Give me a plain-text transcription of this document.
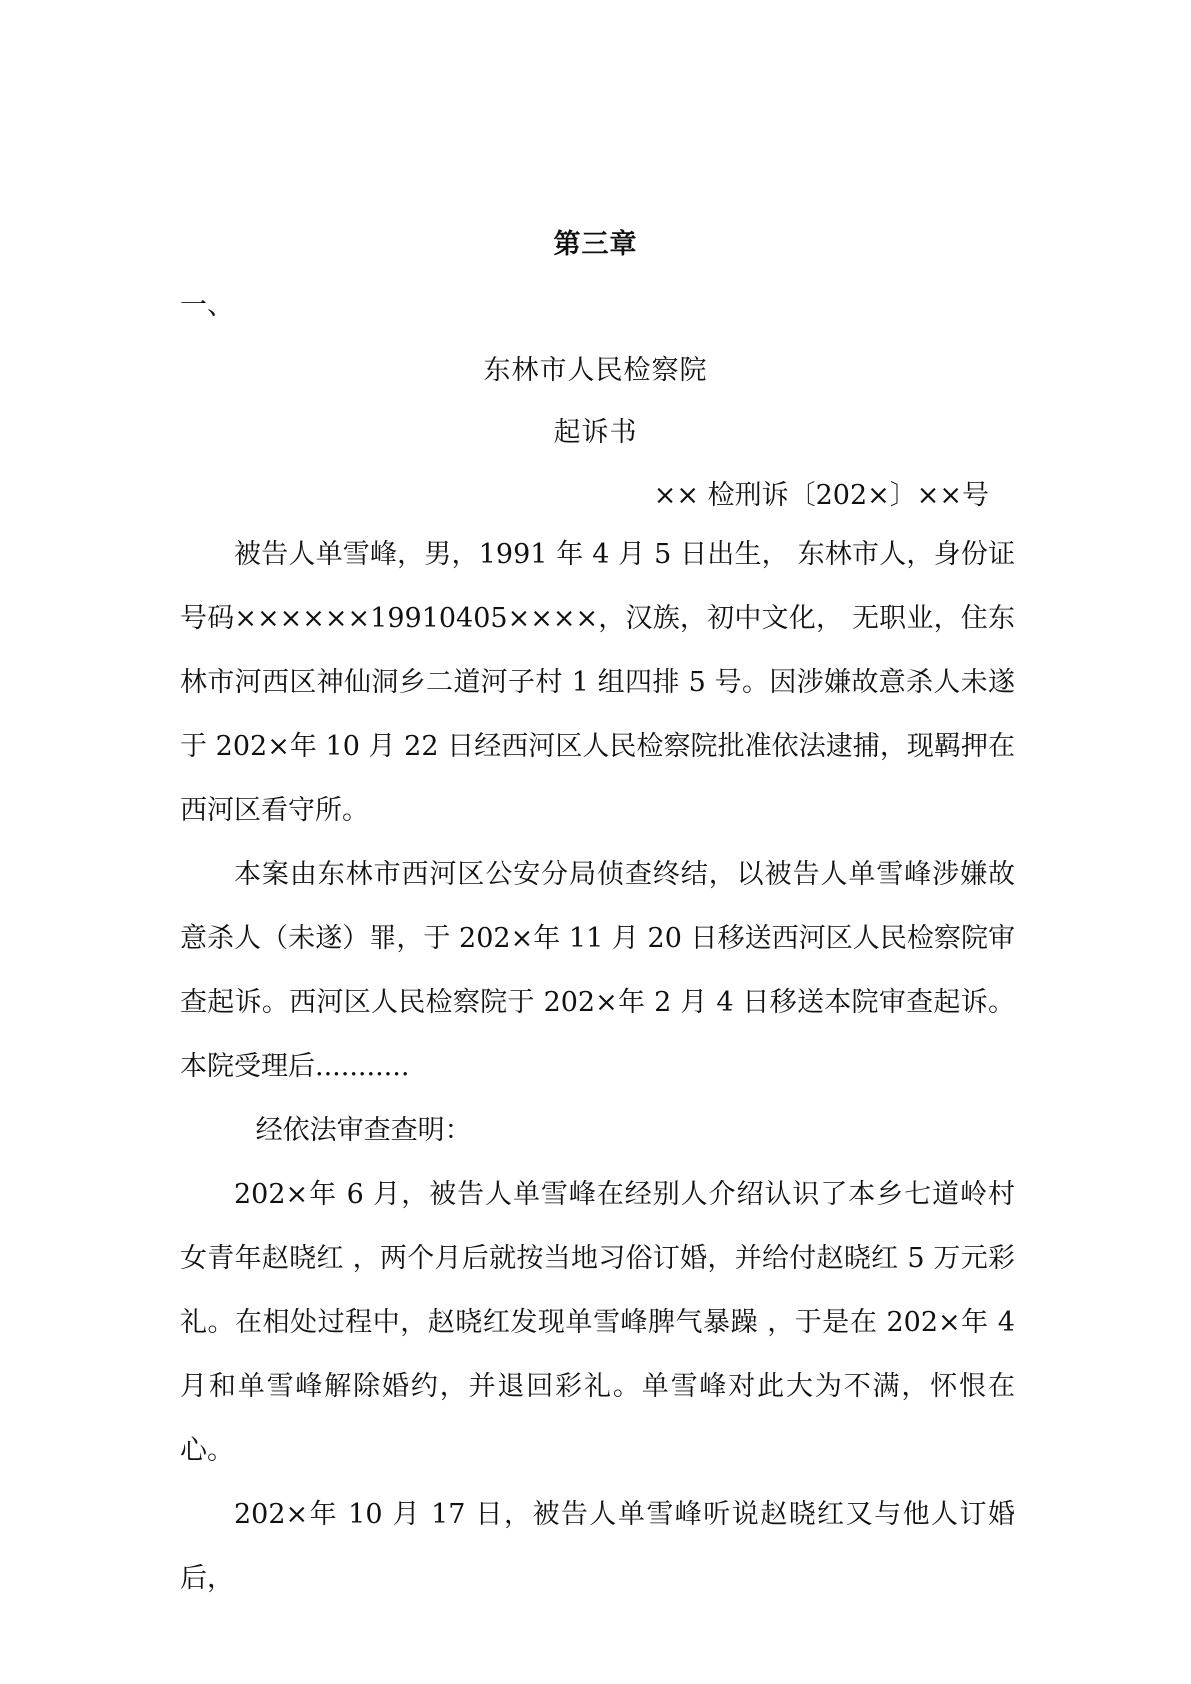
第三章
一、
东林市人民检察院
起诉书
×× 检刑诉〔202×〕××号

被告人单雪峰，男，1991 年 4 月 5 日出生， 东林市人，身份证号码××××××19910405××××，汉族，初中文化， 无职业，住东林市河西区神仙洞乡二道河子村 1 组四排 5 号。因涉嫌故意杀人未遂于 202×年 10 月 22 日经西河区人民检察院批准依法逮捕，现羁押在西河区看守所。

本案由东林市西河区公安分局侦查终结，以被告人单雪峰涉嫌故意杀人（未遂）罪，于 202×年 11 月 20 日移送西河区人民检察院审查起诉。西河区人民检察院于 202×年 2 月 4 日移送本院审查起诉。本院受理后...........

经依法审查查明：

202×年 6 月，被告人单雪峰在经别人介绍认识了本乡七道岭村女青年赵晓红 ，两个月后就按当地习俗订婚，并给付赵晓红 5 万元彩礼。在相处过程中，赵晓红发现单雪峰脾气暴躁 ，于是在 202×年 4 月和单雪峰解除婚约，并退回彩礼。单雪峰对此大为不满，怀恨在心。

202×年 10 月 17 日，被告人单雪峰听说赵晓红又与他人订婚后，
